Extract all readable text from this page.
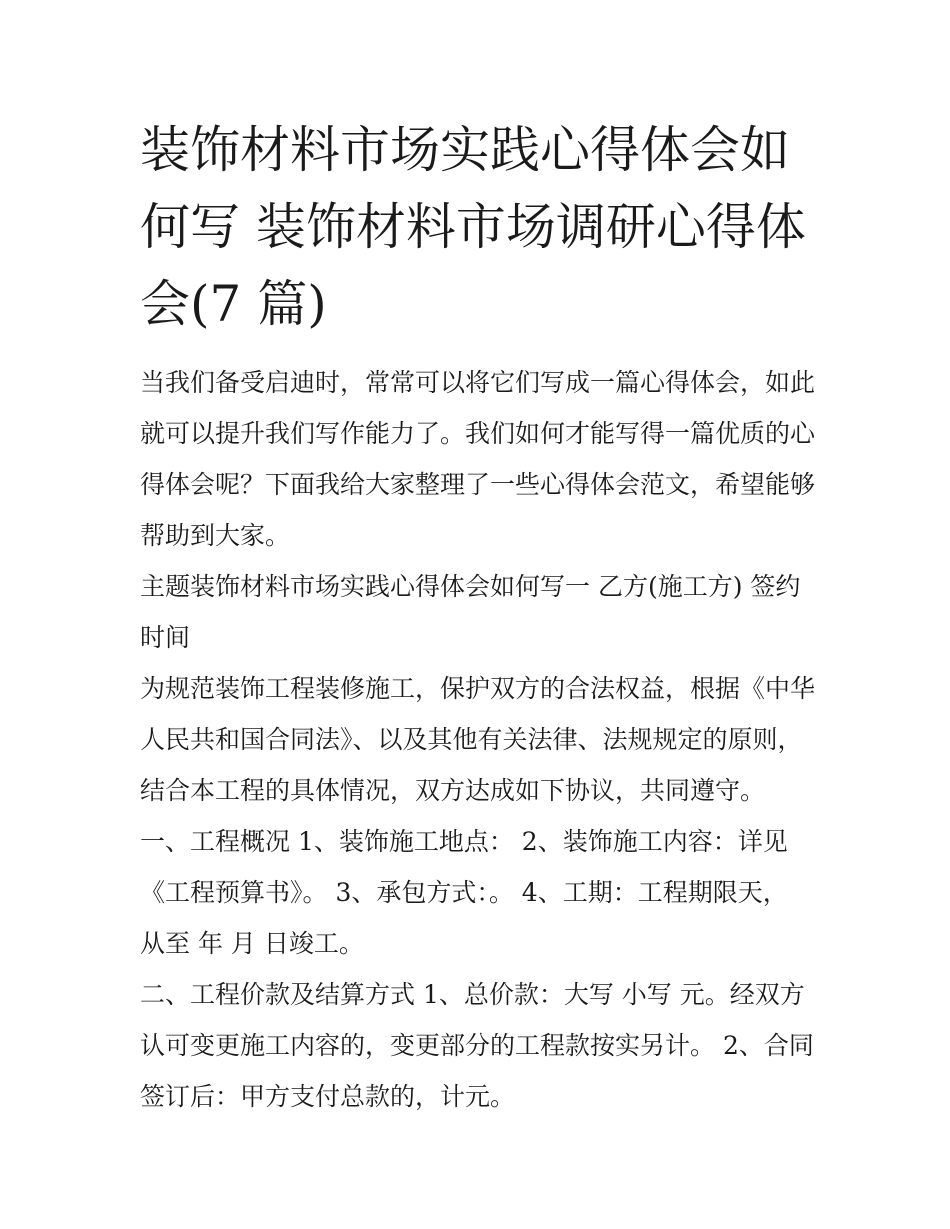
装饰材料市场实践心得体会如
何写 装饰材料市场调研心得体
会(7 篇)
当我们备受启迪时，常常可以将它们写成一篇心得体会，如此
就可以提升我们写作能力了。我们如何才能写得一篇优质的心
得体会呢？下面我给大家整理了一些心得体会范文，希望能够
帮助到大家。
主题装饰材料市场实践心得体会如何写一 乙方(施工方) 签约
时间
为规范装饰工程装修施工，保护双方的合法权益，根据《中华
人民共和国合同法》、以及其他有关法律、法规规定的原则，
结合本工程的具体情况，双方达成如下协议，共同遵守。
一、工程概况 1、装饰施工地点： 2、装饰施工内容：详见
《工程预算书》。 3、承包方式：。 4、工期：工程期限天，
从至 年 月 日竣工。
二、工程价款及结算方式 1、总价款：大写 小写 元。经双方
认可变更施工内容的，变更部分的工程款按实另计。 2、合同
签订后：甲方支付总款的，计元。
